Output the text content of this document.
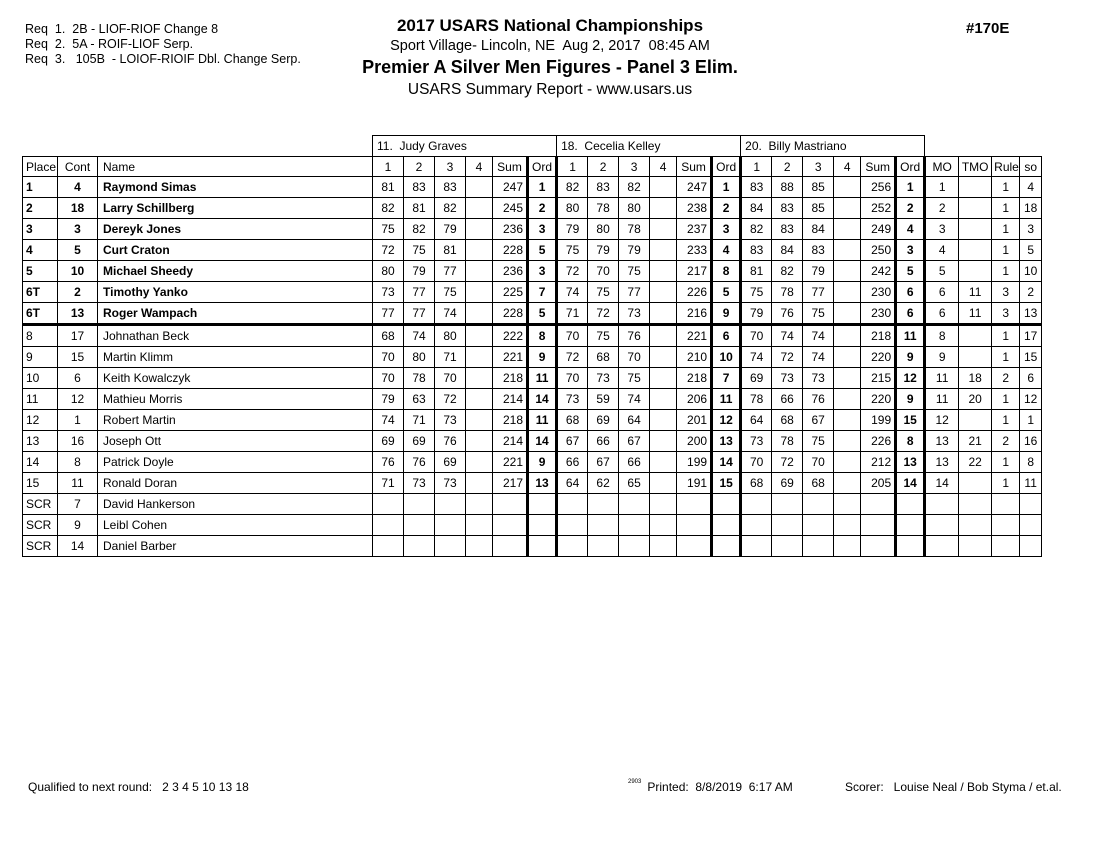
Req  1.  2B - LIOF-RIOF Change 8
Req  2.  5A - ROIF-LIOF Serp.
Req  3.   105B  - LOIOF-RIOIF Dbl. Change Serp.
2017 USARS National Championships
Sport Village- Lincoln, NE  Aug 2, 2017  08:45 AM
Premier A Silver Men Figures - Panel 3 Elim.
USARS Summary Report - www.usars.us
#170E
			11.  Judy Graves						18.  Cecelia Kelley						20.  Billy Mastriano									
Place	Cont	Name	1	2	3	4	Sum	Ord	1	2	3	4	Sum	Ord	1	2	3	4	Sum	Ord	MO	TMO	Rule	so
1	4	Raymond Simas	81	83	83		247	1	82	83	82		247	1	83	88	85		256	1	1		1	4
2	18	Larry Schillberg	82	81	82		245	2	80	78	80		238	2	84	83	85		252	2	2		1	18
3	3	Dereyk Jones	75	82	79		236	3	79	80	78		237	3	82	83	84		249	4	3		1	3
4	5	Curt Craton	72	75	81		228	5	75	79	79		233	4	83	84	83		250	3	4		1	5
5	10	Michael Sheedy	80	79	77		236	3	72	70	75		217	8	81	82	79		242	5	5		1	10
6T	2	Timothy Yanko	73	77	75		225	7	74	75	77		226	5	75	78	77		230	6	6	11	3	2
6T	13	Roger Wampach	77	77	74		228	5	71	72	73		216	9	79	76	75		230	6	6	11	3	13
8	17	Johnathan Beck	68	74	80		222	8	70	75	76		221	6	70	74	74		218	11	8		1	17
9	15	Martin Klimm	70	80	71		221	9	72	68	70		210	10	74	72	74		220	9	9		1	15
10	6	Keith Kowalczyk	70	78	70		218	11	70	73	75		218	7	69	73	73		215	12	11	18	2	6
11	12	Mathieu Morris	79	63	72		214	14	73	59	74		206	11	78	66	76		220	9	11	20	1	12
12	1	Robert Martin	74	71	73		218	11	68	69	64		201	12	64	68	67		199	15	12		1	1
13	16	Joseph Ott	69	69	76		214	14	67	66	67		200	13	73	78	75		226	8	13	21	2	16
14	8	Patrick Doyle	76	76	69		221	9	66	67	66		199	14	70	72	70		212	13	13	22	1	8
15	11	Ronald Doran	71	73	73		217	13	64	62	65		191	15	68	69	68		205	14	14		1	11
SCR	7	David Hankerson																						
SCR	9	Leibl Cohen																						
SCR	14	Daniel Barber																						
Qualified to next round:   2 3 4 5 10 13 18	$^{2903}$ Printed:  8/8/2019  6:17 AM	Scorer:   Louise Neal / Bob Styma / et.al.
